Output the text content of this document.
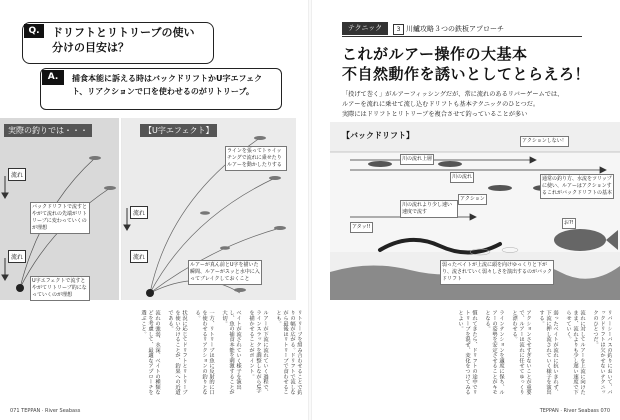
Q.	ドリフトとリトリーブの使い分けの目安は？
A.	捕食本能に訴える時はバックドリフトかU字エフェクト、リアクションで口を使わせるのがリトリーブ。
実際の釣りでは・・・	【U字エフェクト】
流れ
流れ
流れ
流れ
バックドリフトで流すとやがて流れの先端がリトリーブに変わっていくのが理想
U字エフェクトで流すとやがてリトリーブ的になっていくのが理想
ラインを張ってトゥイッチングで流れに乗せたりルアーを動かしたりする
ルアーが真ん前とU字を描いた瞬間、ルアーがスッと水中に入ってブレイクしておくこと
リトリーブを組み合わせることで釣りの幅が広がる。ドリフトで流しながら最後はリトリーブで食わせることも。
ルアーが下流に流れていく過程で、ラインスラックを調整しながらU字を描かせることがポイント。
ベイトが流されていく様子を演出し、魚の捕食本能を刺激することが大切。
一方、リトリーブは魚に反射的に口を使わせるリアクションの釣りとなる。
状況に応じてドリフトとリトリーブを使い分けることが、釣果への近道である。
流れの強弱、水深、ベイトの種類などを考慮して、最適なアプローチを選ぶこと。
071 TEPPAN · River Seabass
テクニック	3 川鱸攻略３つの鉄板アプローチ
これがルアー操作の大基本
不自然動作を誘いとしてとらえろ！
「投げて巻く」がルアーフィッシングだが、常に流れのあるリバーゲームでは、
ルアーを流れに乗せて流し込むドリフトも基本テクニックのひとつだ。
実際にはドリフトとリトリーブを複合させて釣っていることが多い
【バックドリフト】
川の流れ上層
川の流れ
アクションしない！
アクション
川の流れより少し速い速度で流す
通常の釣り方、水流をツリップに使い、ルアーはアクションするこれがバックドリフトの基本
アタッ!!
お?!
弱ったベイトが上流に頭を向けゆっくりと下がり、流されていく弱々しさを演出するのがバックドリフト
リバーシーバスの釣りにおいて、バックドリフトは欠かせないテクニックのひとつだ。
流れに対してルアーを上流に向けたまま、流れよりも少し遅い速度で下らせていく。
弱ったベイトが流れに抗いきれず、下流に押し流されていく様子を演出する。
アクションさせすぎないことが重要で、ルアーは流れに任せてゆっくりと漂わせる。
ラインテンションを適度に保ち、ルアーの姿勢を安定させることがキモとなる。
慣れてきたら、ドリフトの途中でリトリーブを混ぜ、変化をつけてみるとよい。
TEPPAN · River Seabass 070
